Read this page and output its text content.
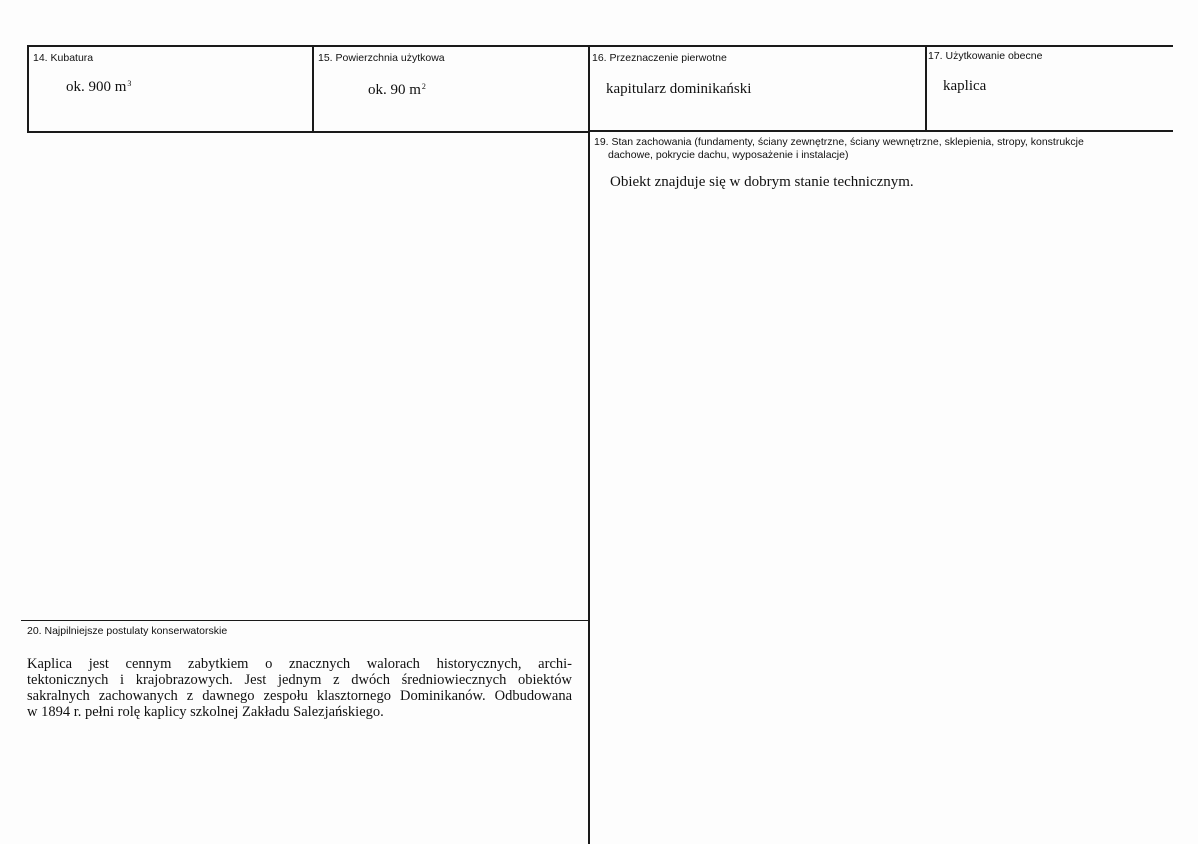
14. Kubatura
ok. 900 $m^3$
15. Powierzchnia użytkowa
ok. 90 $m^2$
16. Przeznaczenie pierwotne
kapitularz dominikański
17. Użytkowanie obecne
kaplica
19. Stan zachowania (fundamenty, ściany zewnętrzne, ściany wewnętrzne, sklepienia, stropy, konstrukcje
dachowe, pokrycie dachu, wyposażenie i instalacje)
Obiekt znajduje się w dobrym stanie technicznym.
20. Najpilniejsze postulaty konserwatorskie
Kaplica jest cennym zabytkiem o znacznych walorach historycznych, archi-
tektonicznych i krajobrazowych. Jest jednym z dwóch średniowiecznych obiektów
sakralnych zachowanych z dawnego zespołu klasztornego Dominikanów. Odbudowana
w 1894 r. pełni rolę kaplicy szkolnej Zakładu Salezjańskiego.
